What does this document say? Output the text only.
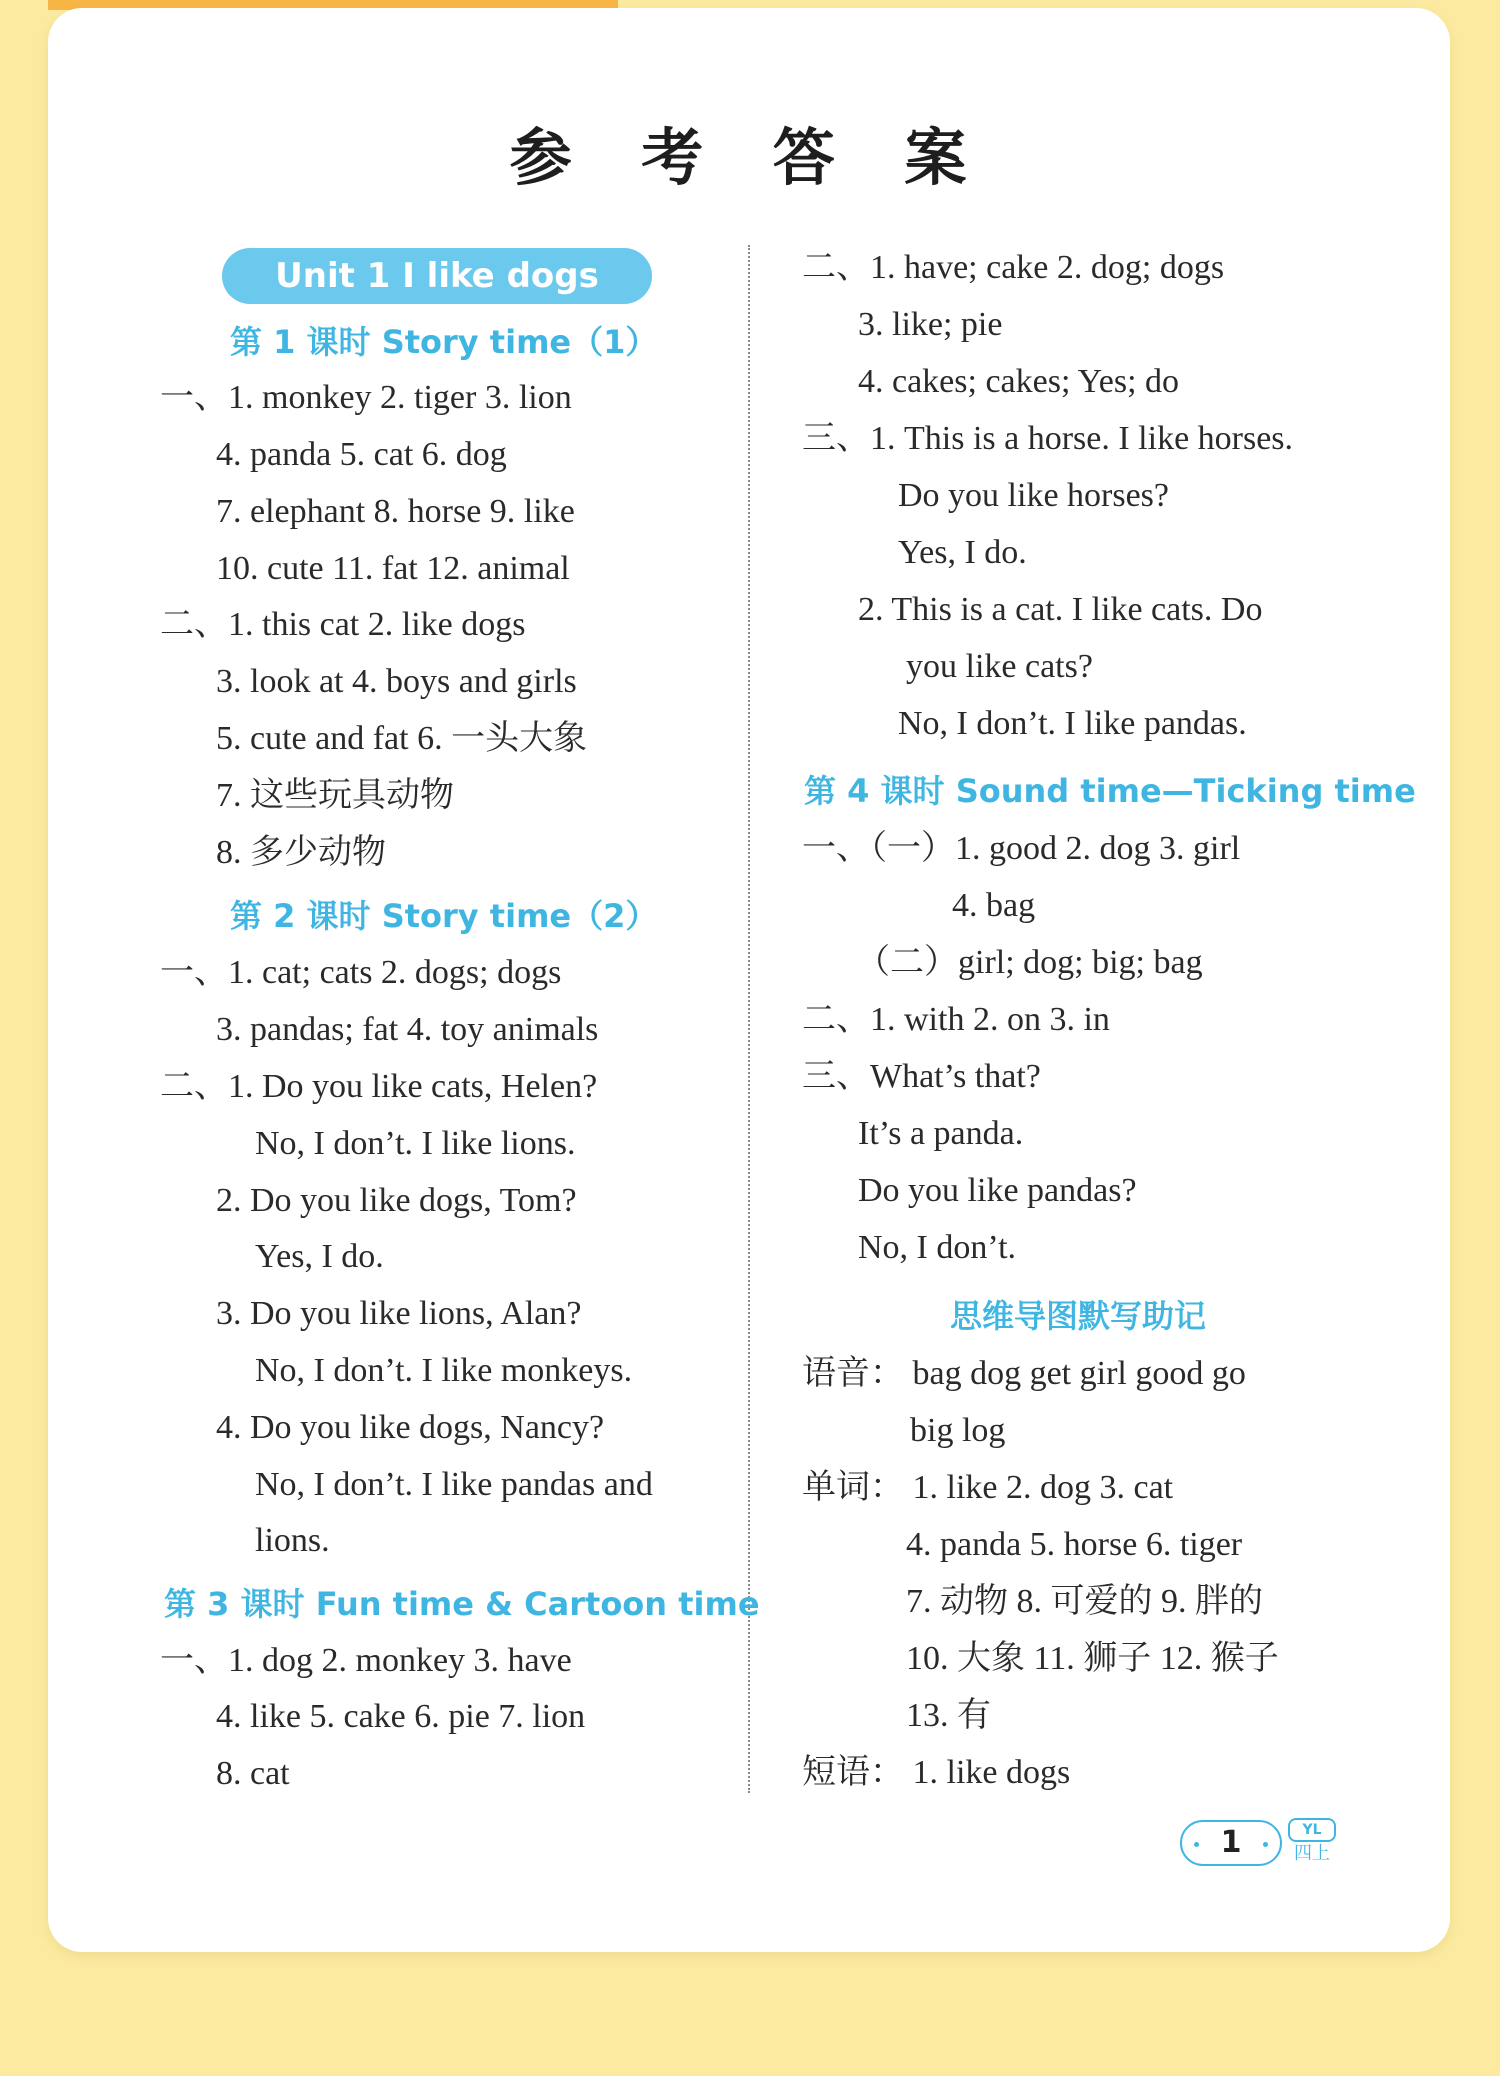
参 考 答 案
Unit 1 I like dogs
第 1 课时 Story time（1）
一、1. monkey 2. tiger 3. lion
4. panda 5. cat 6. dog
7. elephant 8. horse 9. like
10. cute 11. fat 12. animal
二、1. this cat 2. like dogs
3. look at 4. boys and girls
5. cute and fat 6. 一头大象
7. 这些玩具动物
8. 多少动物
第 2 课时 Story time（2）
一、1. cat; cats 2. dogs; dogs
3. pandas; fat 4. toy animals
二、1. Do you like cats, Helen?
No, I don’t. I like lions.
2. Do you like dogs, Tom?
Yes, I do.
3. Do you like lions, Alan?
No, I don’t. I like monkeys.
4. Do you like dogs, Nancy?
No, I don’t. I like pandas and
lions.
第 3 课时 Fun time & Cartoon time
一、1. dog 2. monkey 3. have
4. like 5. cake 6. pie 7. lion
8. cat
二、1. have; cake 2. dog; dogs
3. like; pie
4. cakes; cakes; Yes; do
三、1. This is a horse. I like horses.
Do you like horses?
Yes, I do.
2. This is a cat. I like cats. Do
you like cats?
No, I don’t. I like pandas.
第 4 课时 Sound time—Ticking time
一、（一）1. good 2. dog 3. girl
4. bag
（二）girl; dog; big; bag
二、1. with 2. on 3. in
三、What’s that?
It’s a panda.
Do you like pandas?
No, I don’t.
思维导图默写助记
语音： bag dog get girl good go
big log
单词： 1. like 2. dog 3. cat
4. panda 5. horse 6. tiger
7. 动物 8. 可爱的 9. 胖的
10. 大象 11. 狮子 12. 猴子
13. 有
短语： 1. like dogs
1	YL
四上
